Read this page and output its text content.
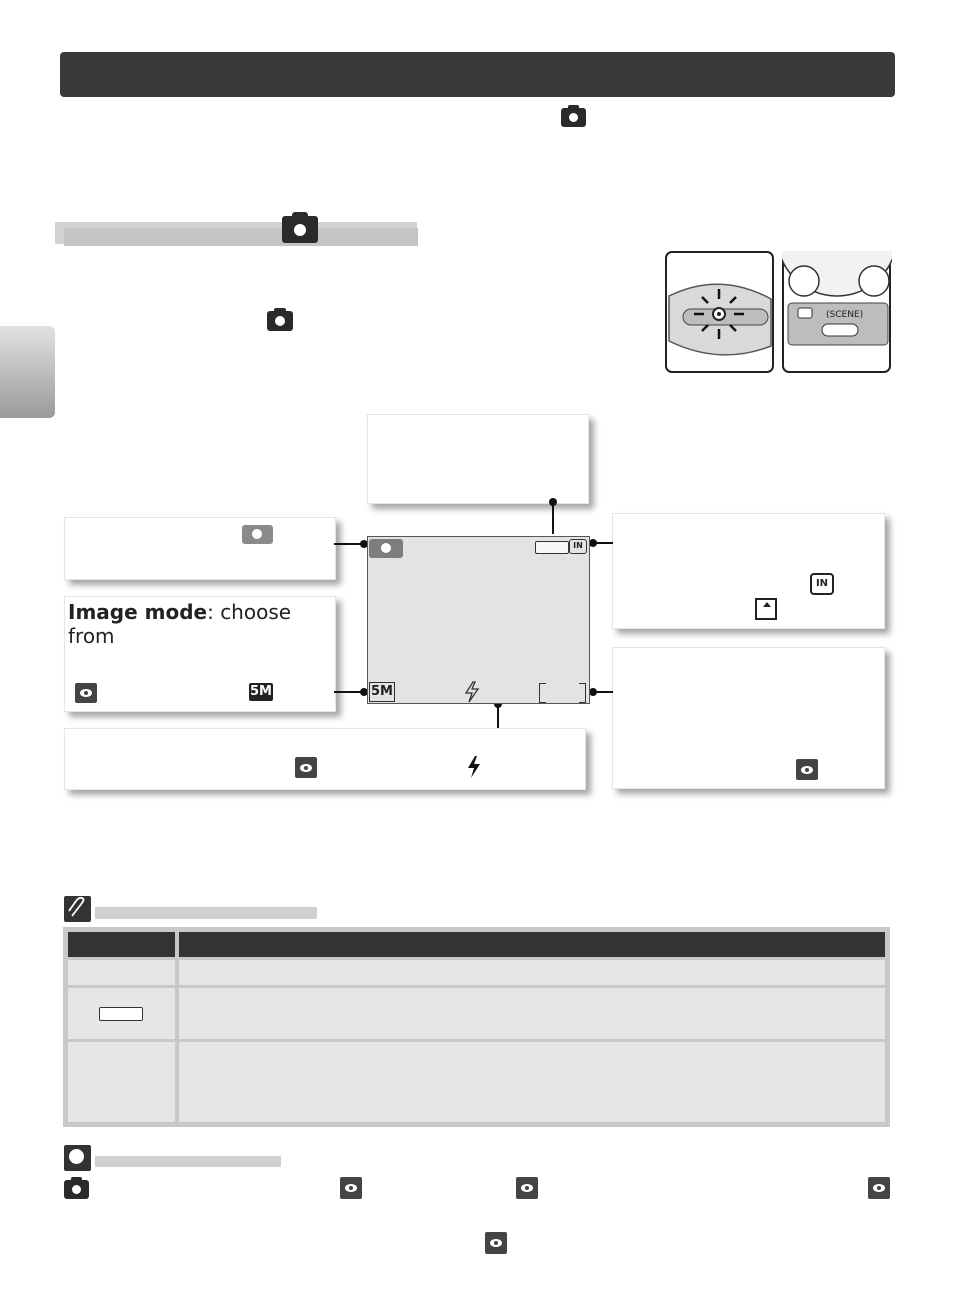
(SCENE)
Image mode: choose from
5M
IN
IN
5M
